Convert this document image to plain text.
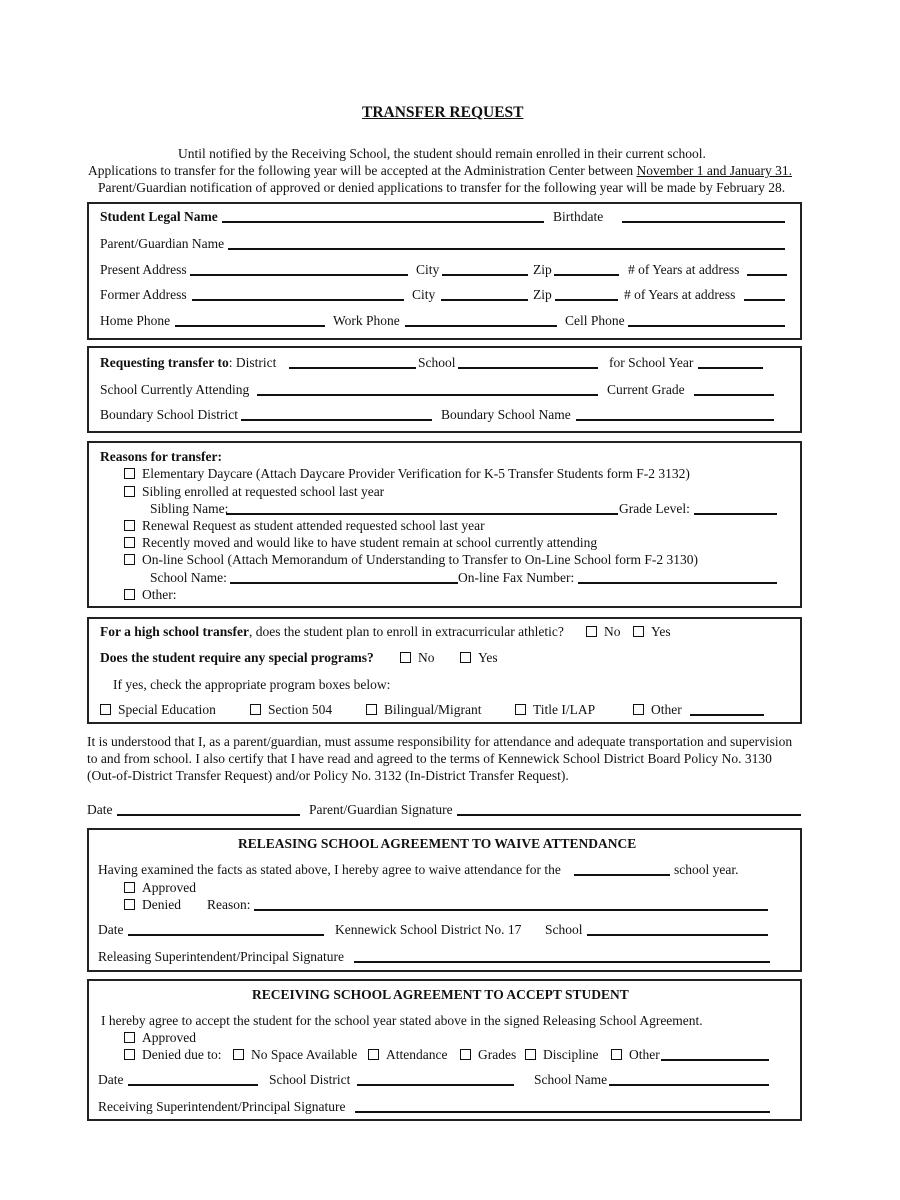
TRANSFER REQUEST
Until notified by the Receiving School, the student should remain enrolled in their current school.
Applications to transfer for the following year will be accepted at the Administration Center between November 1 and January 31.
Parent/Guardian notification of approved or denied applications to transfer for the following year will be made by February 28.
Student Legal Name	Birthdate
Parent/Guardian Name
Present Address	City	Zip	# of Years at address
Former Address	City	Zip	# of Years at address
Home Phone	Work Phone	Cell Phone
Requesting transfer to: District	School	for School Year
School Currently Attending	Current Grade
Boundary School District	Boundary School Name
Reasons for transfer:
Elementary Daycare (Attach Daycare Provider Verification for K-5 Transfer Students form F-2 3132)
Sibling enrolled at requested school last year
Sibling Name:	Grade Level:
Renewal Request as student attended requested school last year
Recently moved and would like to have student remain at school currently attending
On-line School (Attach Memorandum of Understanding to Transfer to On-Line School form F-2 3130)
School Name:	On-line Fax Number:
Other:
For a high school transfer, does the student plan to enroll in extracurricular athletic?	No	Yes
Does the student require any special programs?	No	Yes
If yes, check the appropriate program boxes below:
Special Education	Section 504	Bilingual/Migrant	Title I/LAP	Other
It is understood that I, as a parent/guardian, must assume responsibility for attendance and adequate transportation and supervision
to and from school. I also certify that I have read and agreed to the terms of Kennewick School District Board Policy No. 3130
(Out-of-District Transfer Request) and/or Policy No. 3132 (In-District Transfer Request).
Date	Parent/Guardian Signature
RELEASING SCHOOL AGREEMENT TO WAIVE ATTENDANCE
Having examined the facts as stated above, I hereby agree to waive attendance for the	school year.
Approved
Denied Reason:
Date	Kennewick School District No. 17 School
Releasing Superintendent/Principal Signature
RECEIVING SCHOOL AGREEMENT TO ACCEPT STUDENT
I hereby agree to accept the student for the school year stated above in the signed Releasing School Agreement.
Approved
Denied due to:	No Space Available	Attendance	Grades	Discipline	Other
Date	School District	School Name
Receiving Superintendent/Principal Signature
